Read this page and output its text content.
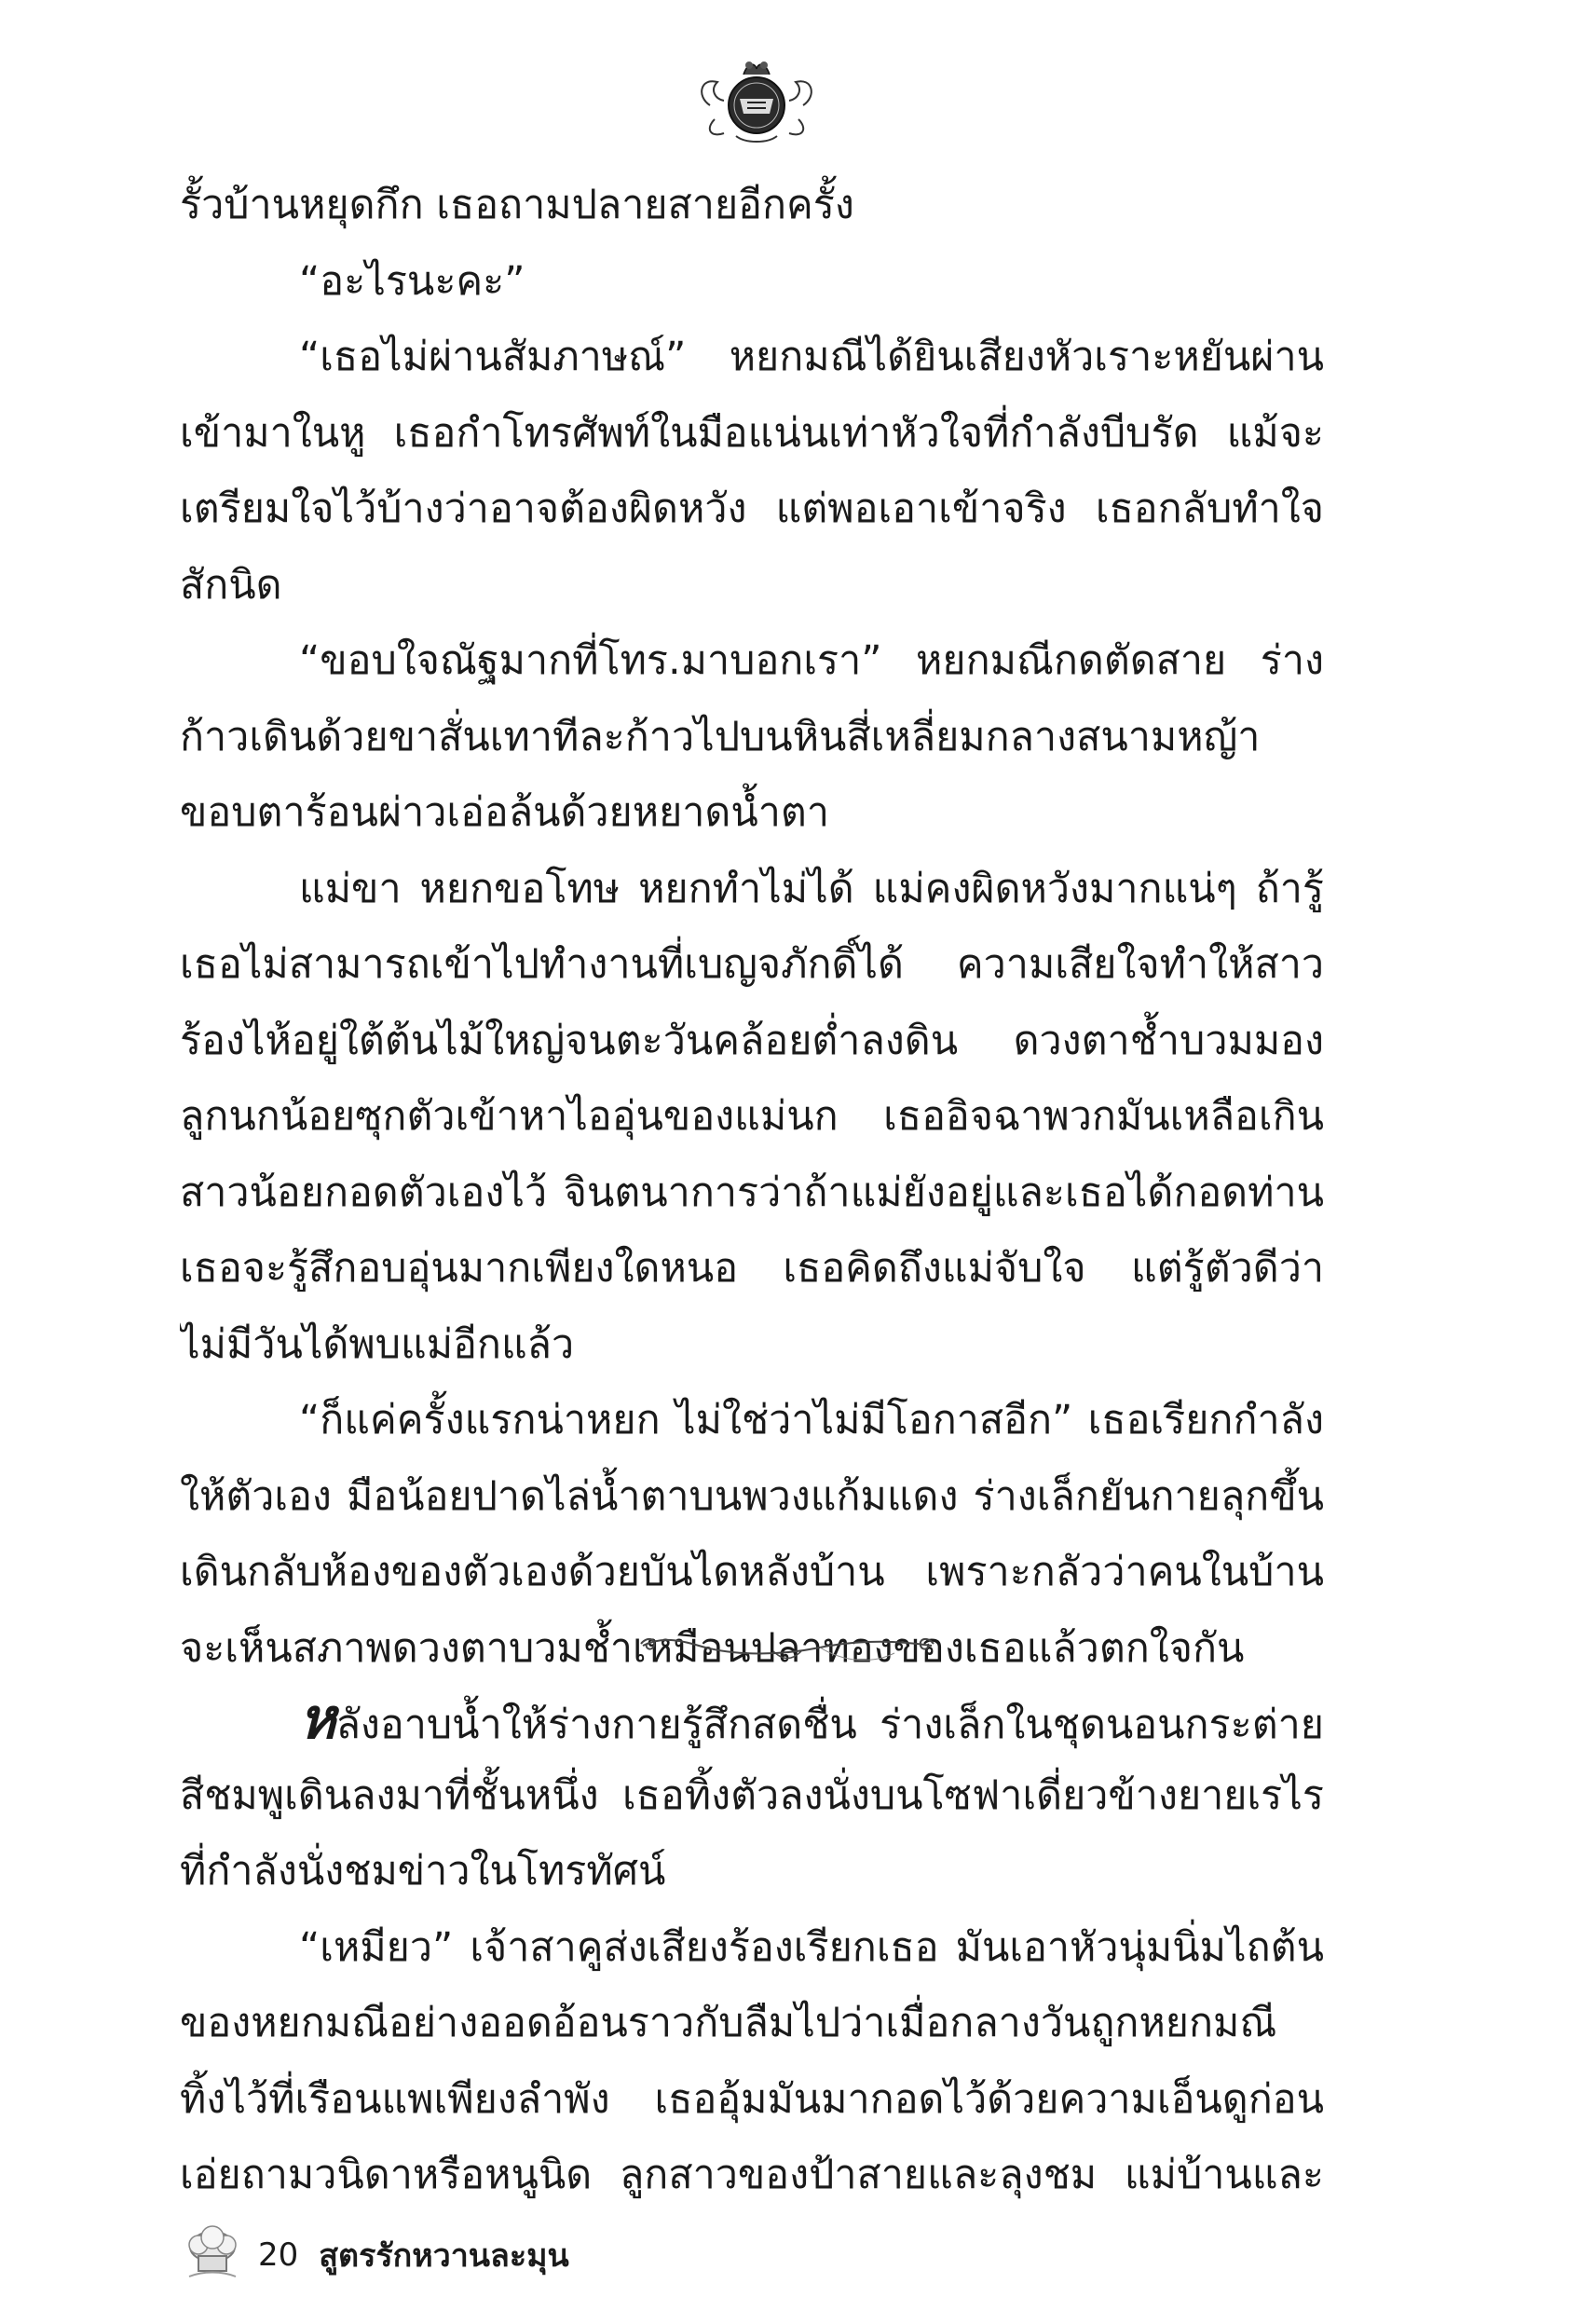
รั้วบ้านหยุดกึก เธอถามปลายสายอีกครั้ง
“อะไรนะคะ”
“เธอไม่ผ่านสัมภาษณ์” หยกมณีได้ยินเสียงหัวเราะหยันผ่าน
เข้ามาในหู เธอกำโทรศัพท์ในมือแน่นเท่าหัวใจที่กำลังบีบรัด แม้จะ
เตรียมใจไว้บ้างว่าอาจต้องผิดหวัง แต่พอเอาเข้าจริง เธอกลับทำใจ
สักนิด
“ขอบใจณัฐมากที่โทร.มาบอกเรา” หยกมณีกดตัดสาย ร่าง
ก้าวเดินด้วยขาสั่นเทาทีละก้าวไปบนหินสี่เหลี่ยมกลางสนามหญ้า
ขอบตาร้อนผ่าวเอ่อล้นด้วยหยาดน้ำตา
แม่ขา หยกขอโทษ หยกทำไม่ได้ แม่คงผิดหวังมากแน่ๆ ถ้ารู้
เธอไม่สามารถเข้าไปทำงานที่เบญจภักดิ์ได้ ความเสียใจทำให้สาว
ร้องไห้อยู่ใต้ต้นไม้ใหญ่จนตะวันคล้อยต่ำลงดิน ดวงตาช้ำบวมมอง
ลูกนกน้อยซุกตัวเข้าหาไออุ่นของแม่นก เธออิจฉาพวกมันเหลือเกิน
สาวน้อยกอดตัวเองไว้ จินตนาการว่าถ้าแม่ยังอยู่และเธอได้กอดท่าน
เธอจะรู้สึกอบอุ่นมากเพียงใดหนอ เธอคิดถึงแม่จับใจ แต่รู้ตัวดีว่า
ไม่มีวันได้พบแม่อีกแล้ว
“ก็แค่ครั้งแรกน่าหยก ไม่ใช่ว่าไม่มีโอกาสอีก” เธอเรียกกำลัง
ให้ตัวเอง มือน้อยปาดไล่น้ำตาบนพวงแก้มแดง ร่างเล็กยันกายลุกขึ้น
เดินกลับห้องของตัวเองด้วยบันไดหลังบ้าน เพราะกลัวว่าคนในบ้าน
จะเห็นสภาพดวงตาบวมช้ำเหมือนปลาทองของเธอแล้วตกใจกัน
หลังอาบน้ำให้ร่างกายรู้สึกสดชื่น ร่างเล็กในชุดนอนกระต่าย
สีชมพูเดินลงมาที่ชั้นหนึ่ง เธอทิ้งตัวลงนั่งบนโซฟาเดี่ยวข้างยายเรไร
ที่กำลังนั่งชมข่าวในโทรทัศน์
“เหมียว” เจ้าสาคูส่งเสียงร้องเรียกเธอ มันเอาหัวนุ่มนิ่มไถต้น
ของหยกมณีอย่างออดอ้อนราวกับลืมไปว่าเมื่อกลางวันถูกหยกมณี
ทิ้งไว้ที่เรือนแพเพียงลำพัง เธออุ้มมันมากอดไว้ด้วยความเอ็นดูก่อน
เอ่ยถามวนิดาหรือหนูนิด ลูกสาวของป้าสายและลุงชม แม่บ้านและ
20 สูตรรักหวานละมุน
